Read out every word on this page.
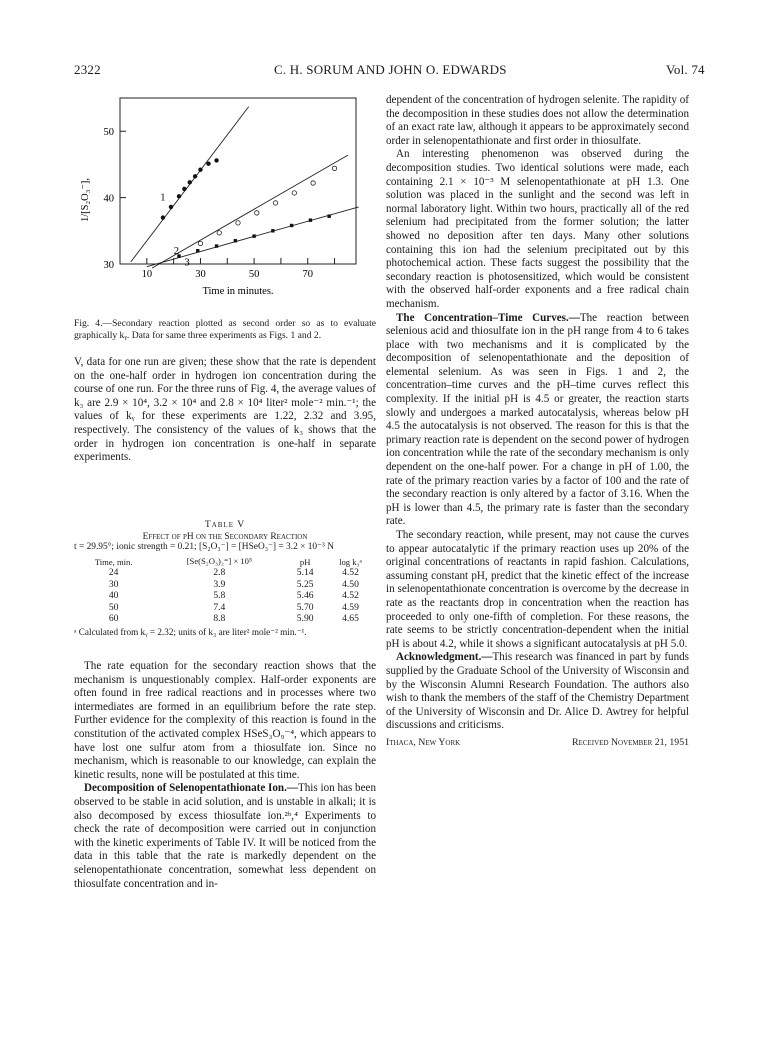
2322	C. H. SORUM AND JOHN O. EDWARDS	Vol. 74
50
40
30
10	30	50	70
1
2
3
1/[S₂O₃⁻],
Time in minutes.
Fig. 4.—Secondary reaction plotted as second order so as to evaluate graphically kᵧ. Data for same three experiments as Figs. 1 and 2.

V, data for one run are given; these show that the rate is dependent on the one-half order in hydrogen ion concentration during the course of one run. For the three runs of Fig. 4, the average values of k₃ are 2.9 × 10⁴, 3.2 × 10⁴ and 2.8 × 10⁴ liter² mole⁻² min.⁻¹; the values of kᵧ for these experiments are 1.22, 2.32 and 3.95, respectively. The consistency of the values of k₃ shows that the order in hydrogen ion concentration is one-half in separate experiments.

Table V
Effect of pH on the Secondary Reaction
t = 29.95°; ionic strength = 0.21; [S₂O₃⁻] = [HSeO₃⁻] = 3.2 × 10⁻³ N
Time, min.	[Se(S₂O₃)₂⁼] × 10⁵	pH	log k₃ᵃ
24	2.8	5.14	4.52
30	3.9	5.25	4.50
40	5.8	5.46	4.52
50	7.4	5.70	4.59
60	8.8	5.90	4.65
ᵃ Calculated from kᵧ = 2.32; units of k₃ are liter² mole⁻² min.⁻¹.

The rate equation for the secondary reaction shows that the mechanism is unquestionably complex. Half-order exponents are often found in free radical reactions and in processes where two intermediates are formed in an equilibrium before the rate step. Further evidence for the complexity of this reaction is found in the constitution of the activated complex HSeS₃O₉⁻⁴, which appears to have lost one sulfur atom from a thiosulfate ion. Since no mechanism, which is reasonable to our knowledge, can explain the kinetic results, none will be postulated at this time.

Decomposition of Selenopentathionate Ion.—This ion has been observed to be stable in acid solution, and is unstable in alkali; it is also decomposed by excess thiosulfate ion.²ᵇ,⁴ Experiments to check the rate of decomposition were carried out in conjunction with the kinetic experiments of Table IV. It will be noticed from the data in this table that the rate is markedly dependent on the selenopentathionate concentration, somewhat less dependent on thiosulfate concentration and in-

dependent of the concentration of hydrogen selenite. The rapidity of the decomposition in these studies does not allow the determination of an exact rate law, although it appears to be approximately second order in selenopentathionate and first order in thiosulfate.

An interesting phenomenon was observed during the decomposition studies. Two identical solutions were made, each containing 2.1 × 10⁻³ M selenopentathionate at pH 1.3. One solution was placed in the sunlight and the second was left in normal laboratory light. Within two hours, practically all of the red selenium had precipitated from the former solution; the latter showed no deposition after ten days. Many other solutions containing this ion had the selenium precipitated out by this photochemical action. These facts suggest the possibility that the secondary reaction is photosensitized, which would be consistent with the observed half-order exponents and a free radical chain mechanism.

The Concentration–Time Curves.—The reaction between selenious acid and thiosulfate ion in the pH range from 4 to 6 takes place with two mechanisms and it is complicated by the decomposition of selenopentathionate and the deposition of elemental selenium. As was seen in Figs. 1 and 2, the concentration–time curves and the pH–time curves reflect this complexity. If the initial pH is 4.5 or greater, the reaction starts slowly and undergoes a marked autocatalysis, whereas below pH 4.5 the autocatalysis is not observed. The reason for this is that the primary reaction rate is dependent on the second power of hydrogen ion concentration while the rate of the secondary mechanism is only dependent on the one-half power. For a change in pH of 1.00, the rate of the primary reaction varies by a factor of 100 and the rate of the secondary reaction is only altered by a factor of 3.16. When the pH is lower than 4.5, the primary rate is faster than the secondary rate.

The secondary reaction, while present, may not cause the curves to appear autocatalytic if the primary reaction uses up 20% of the original concentrations of reactants in rapid fashion. Calculations, assuming constant pH, predict that the kinetic effect of the increase in selenopentathionate concentration is overcome by the decrease in rate as the reactants drop in concentration when the reaction has proceeded to only one-fifth of completion. For these reasons, the rate seems to be strictly concentration-dependent when the initial pH is about 4.2, while it shows a significant autocatalysis at pH 5.0.

Acknowledgment.—This research was financed in part by funds supplied by the Graduate School of the University of Wisconsin and by the Wisconsin Alumni Research Foundation. The authors also wish to thank the members of the staff of the Chemistry Department of the University of Wisconsin and Dr. Alice D. Awtrey for helpful discussions and criticisms.

Ithaca, New York	Received November 21, 1951
